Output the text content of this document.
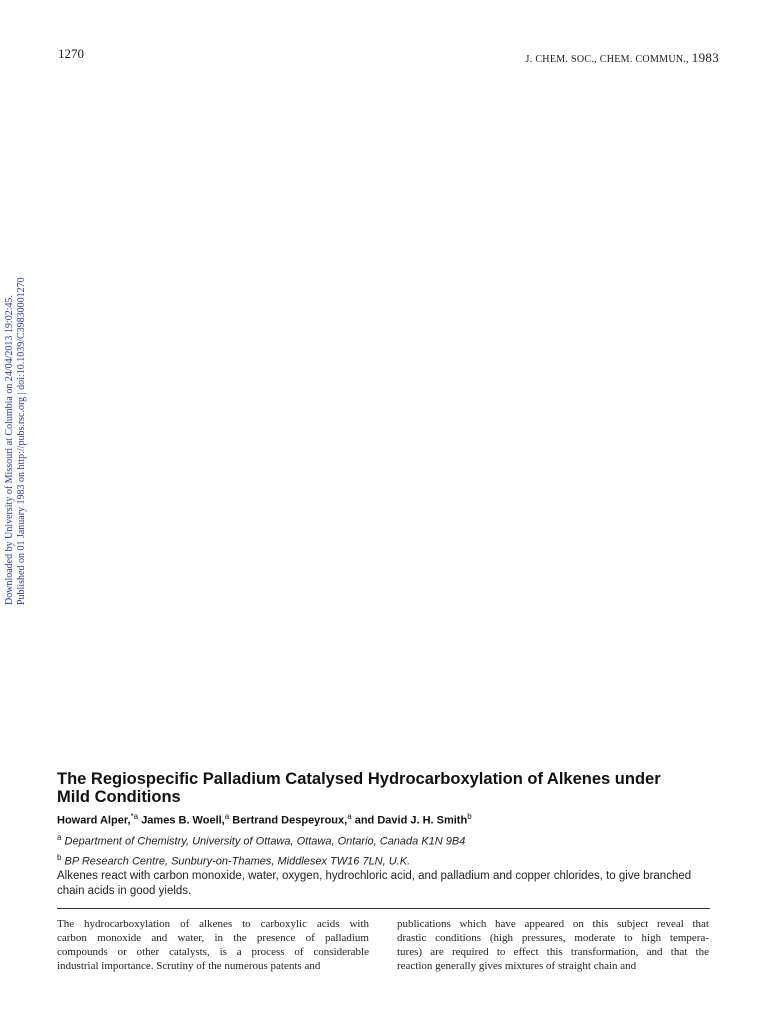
1270	J. CHEM. SOC., CHEM. COMMUN., 1983
Downloaded by University of Missouri at Columbia on 24/04/2013 19:02:45. Published on 01 January 1983 on http://pubs.rsc.org | doi:10.1039/C39830001270
The Regiospecific Palladium Catalysed Hydrocarboxylation of Alkenes under Mild Conditions
Howard Alper,$^{*a}$ James B. Woell,$^a$ Bertrand Despeyroux,$^a$ and David J. H. Smith$^b$
$^a$ Department of Chemistry, University of Ottawa, Ottawa, Ontario, Canada K1N 9B4
$^b$ BP Research Centre, Sunbury-on-Thames, Middlesex TW16 7LN, U.K.

Alkenes react with carbon monoxide, water, oxygen, hydrochloric acid, and palladium and copper chlorides, to give branched chain acids in good yields.

The hydrocarboxylation of alkenes to carboxylic acids with
carbon monoxide and water, in the presence of palladium
compounds or other catalysts, is a process of considerable
industrial importance. Scrutiny of the numerous patents and
publications which have appeared on this subject reveal that
drastic conditions (high pressures, moderate to high tempera-
tures) are required to effect this transformation, and that the
reaction generally gives mixtures of straight chain and
